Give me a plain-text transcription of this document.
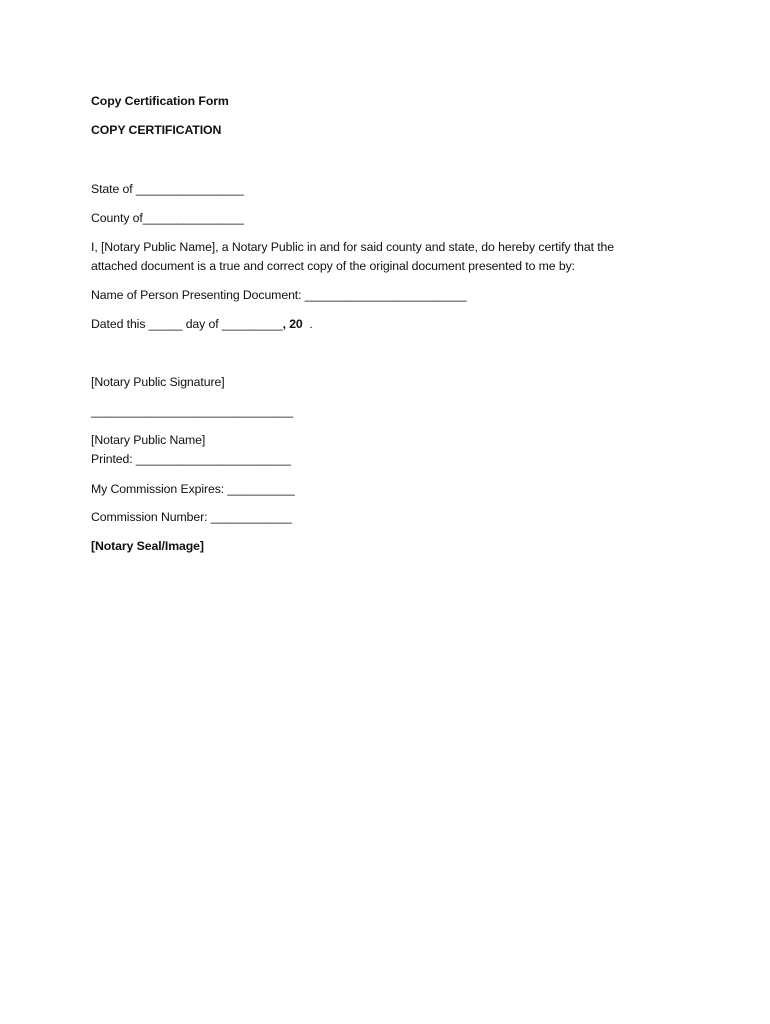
Copy Certification Form
COPY CERTIFICATION
State of ________________
County of_______________
I, [Notary Public Name], a Notary Public in and for said county and state, do hereby certify that the
attached document is a true and correct copy of the original document presented to me by:
Name of Person Presenting Document: ________________________
Dated this _____ day of _________, 20  .
[Notary Public Signature]
______________________________
[Notary Public Name]
Printed: _______________________
My Commission Expires: __________
Commission Number: ____________
[Notary Seal/Image]
